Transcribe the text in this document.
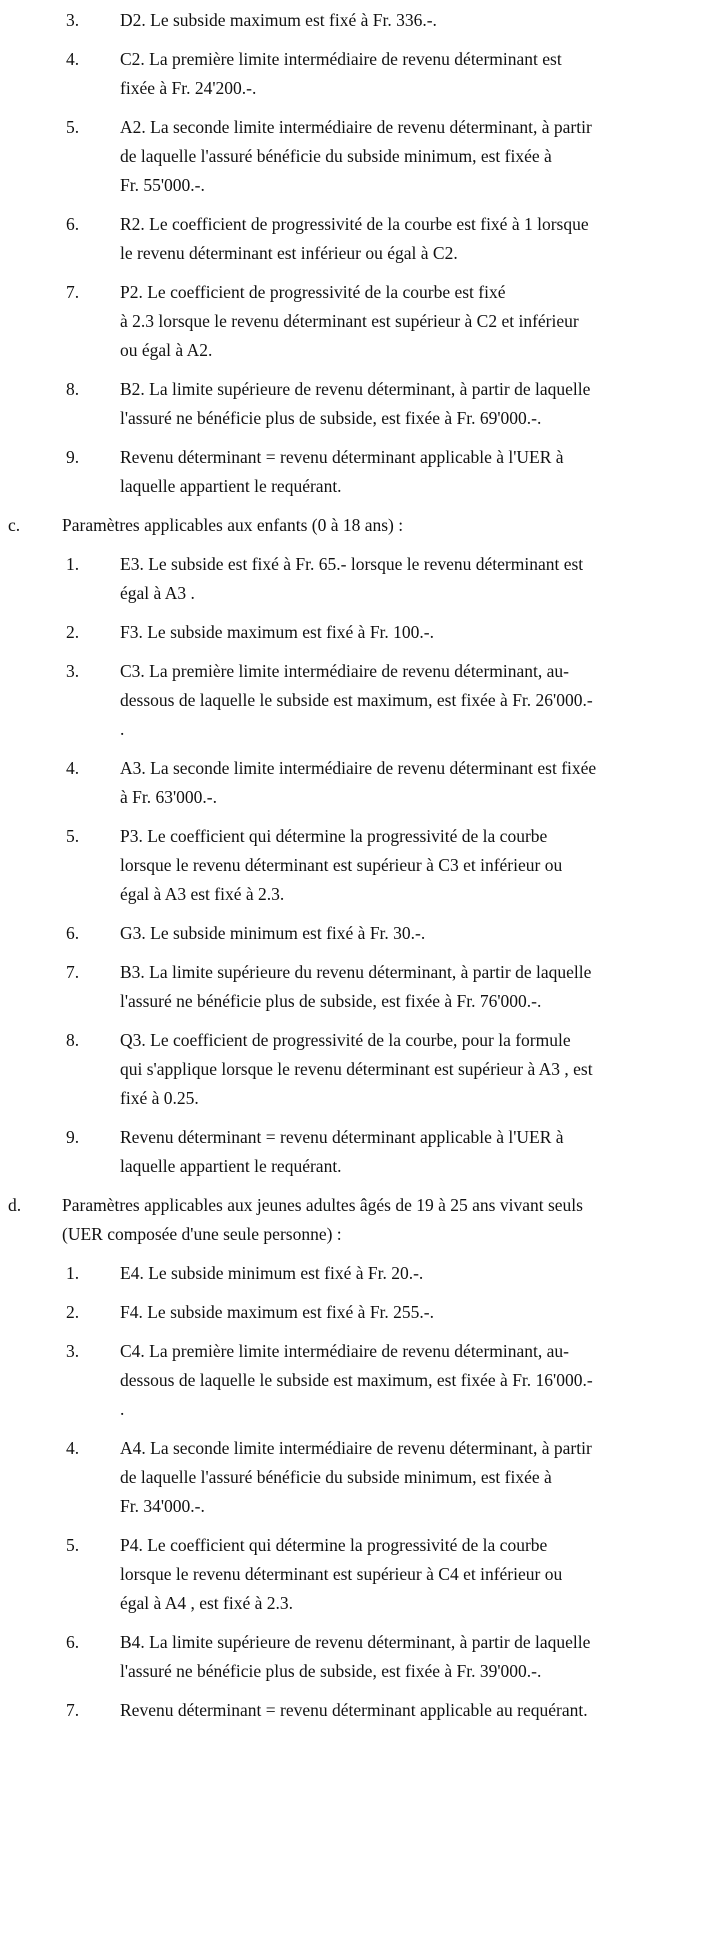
3. D2. Le subside maximum est fixé à Fr. 336.-.
4. C2. La première limite intermédiaire de revenu déterminant est
fixée à Fr. 24'200.-.
5. A2. La seconde limite intermédiaire de revenu déterminant, à partir
de laquelle l'assuré bénéficie du subside minimum, est fixée à
Fr. 55'000.-.
6. R2. Le coefficient de progressivité de la courbe est fixé à 1 lorsque
le revenu déterminant est inférieur ou égal à C2.
7. P2. Le coefficient de progressivité de la courbe est fixé
à 2.3 lorsque le revenu déterminant est supérieur à C2 et inférieur
ou égal à A2.
8. B2. La limite supérieure de revenu déterminant, à partir de laquelle
l'assuré ne bénéficie plus de subside, est fixée à Fr. 69'000.-.
9. Revenu déterminant = revenu déterminant applicable à l'UER à
laquelle appartient le requérant.
c. Paramètres applicables aux enfants (0 à 18 ans) :
1. E3. Le subside est fixé à Fr. 65.- lorsque le revenu déterminant est
égal à A3 .
2. F3. Le subside maximum est fixé à Fr. 100.-.
3. C3. La première limite intermédiaire de revenu déterminant, au-
dessous de laquelle le subside est maximum, est fixée à Fr. 26'000.-
.
4. A3. La seconde limite intermédiaire de revenu déterminant est fixée
à Fr. 63'000.-.
5. P3. Le coefficient qui détermine la progressivité de la courbe
lorsque le revenu déterminant est supérieur à C3 et inférieur ou
égal à A3 est fixé à 2.3.
6. G3. Le subside minimum est fixé à Fr. 30.-.
7. B3. La limite supérieure du revenu déterminant, à partir de laquelle
l'assuré ne bénéficie plus de subside, est fixée à Fr. 76'000.-.
8. Q3. Le coefficient de progressivité de la courbe, pour la formule
qui s'applique lorsque le revenu déterminant est supérieur à A3 , est
fixé à 0.25.
9. Revenu déterminant = revenu déterminant applicable à l'UER à
laquelle appartient le requérant.
d. Paramètres applicables aux jeunes adultes âgés de 19 à 25 ans vivant seuls
(UER composée d'une seule personne) :
1. E4. Le subside minimum est fixé à Fr. 20.-.
2. F4. Le subside maximum est fixé à Fr. 255.-.
3. C4. La première limite intermédiaire de revenu déterminant, au-
dessous de laquelle le subside est maximum, est fixée à Fr. 16'000.-
.
4. A4. La seconde limite intermédiaire de revenu déterminant, à partir
de laquelle l'assuré bénéficie du subside minimum, est fixée à
Fr. 34'000.-.
5. P4. Le coefficient qui détermine la progressivité de la courbe
lorsque le revenu déterminant est supérieur à C4 et inférieur ou
égal à A4 , est fixé à 2.3.
6. B4. La limite supérieure de revenu déterminant, à partir de laquelle
l'assuré ne bénéficie plus de subside, est fixée à Fr. 39'000.-.
7. Revenu déterminant = revenu déterminant applicable au requérant.
